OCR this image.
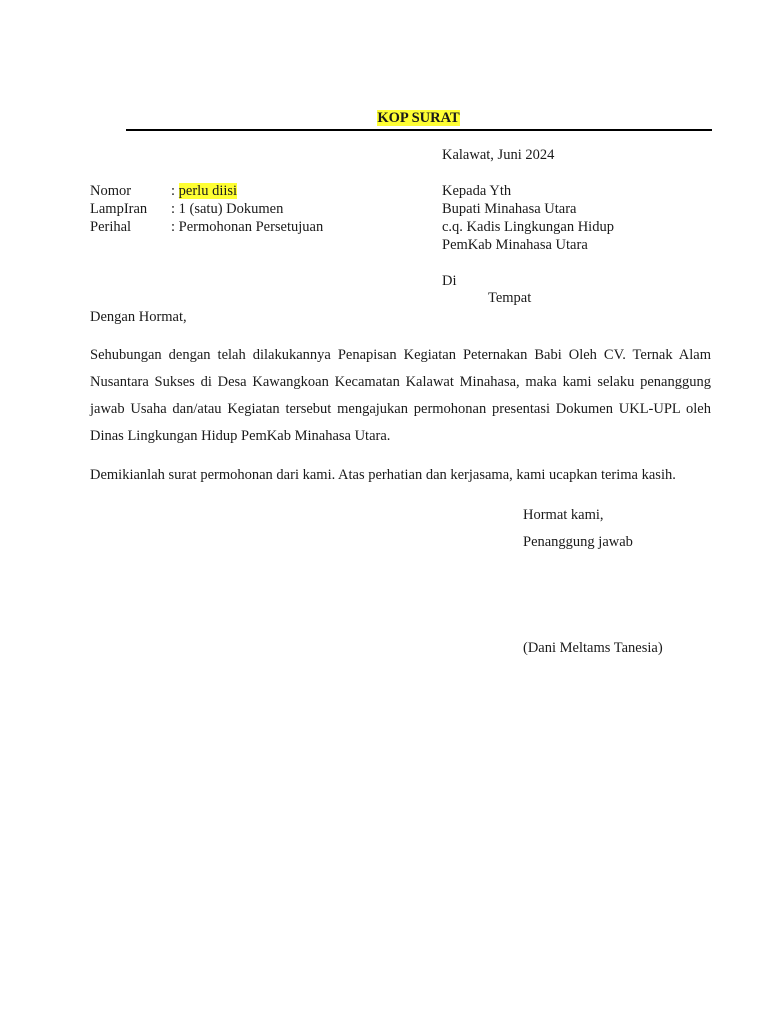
KOP SURAT
Kalawat, Juni 2024
Nomor	: perlu diisi
LampIran : 1 (satu) Dokumen
Perihal	: Permohonan Persetujuan
Kepada Yth
Bupati Minahasa Utara
c.q. Kadis Lingkungan Hidup
PemKab Minahasa Utara
Di
Tempat
Dengan Hormat,
Sehubungan dengan telah dilakukannya Penapisan Kegiatan Peternakan Babi Oleh CV. Ternak Alam Nusantara Sukses di Desa Kawangkoan Kecamatan Kalawat Minahasa, maka kami selaku penanggung jawab Usaha dan/atau Kegiatan tersebut mengajukan permohonan presentasi Dokumen UKL-UPL oleh Dinas Lingkungan Hidup PemKab Minahasa Utara.
Demikianlah surat permohonan dari kami. Atas perhatian dan kerjasama, kami ucapkan terima kasih.
Hormat kami,
Penanggung jawab
(Dani Meltams Tanesia)
